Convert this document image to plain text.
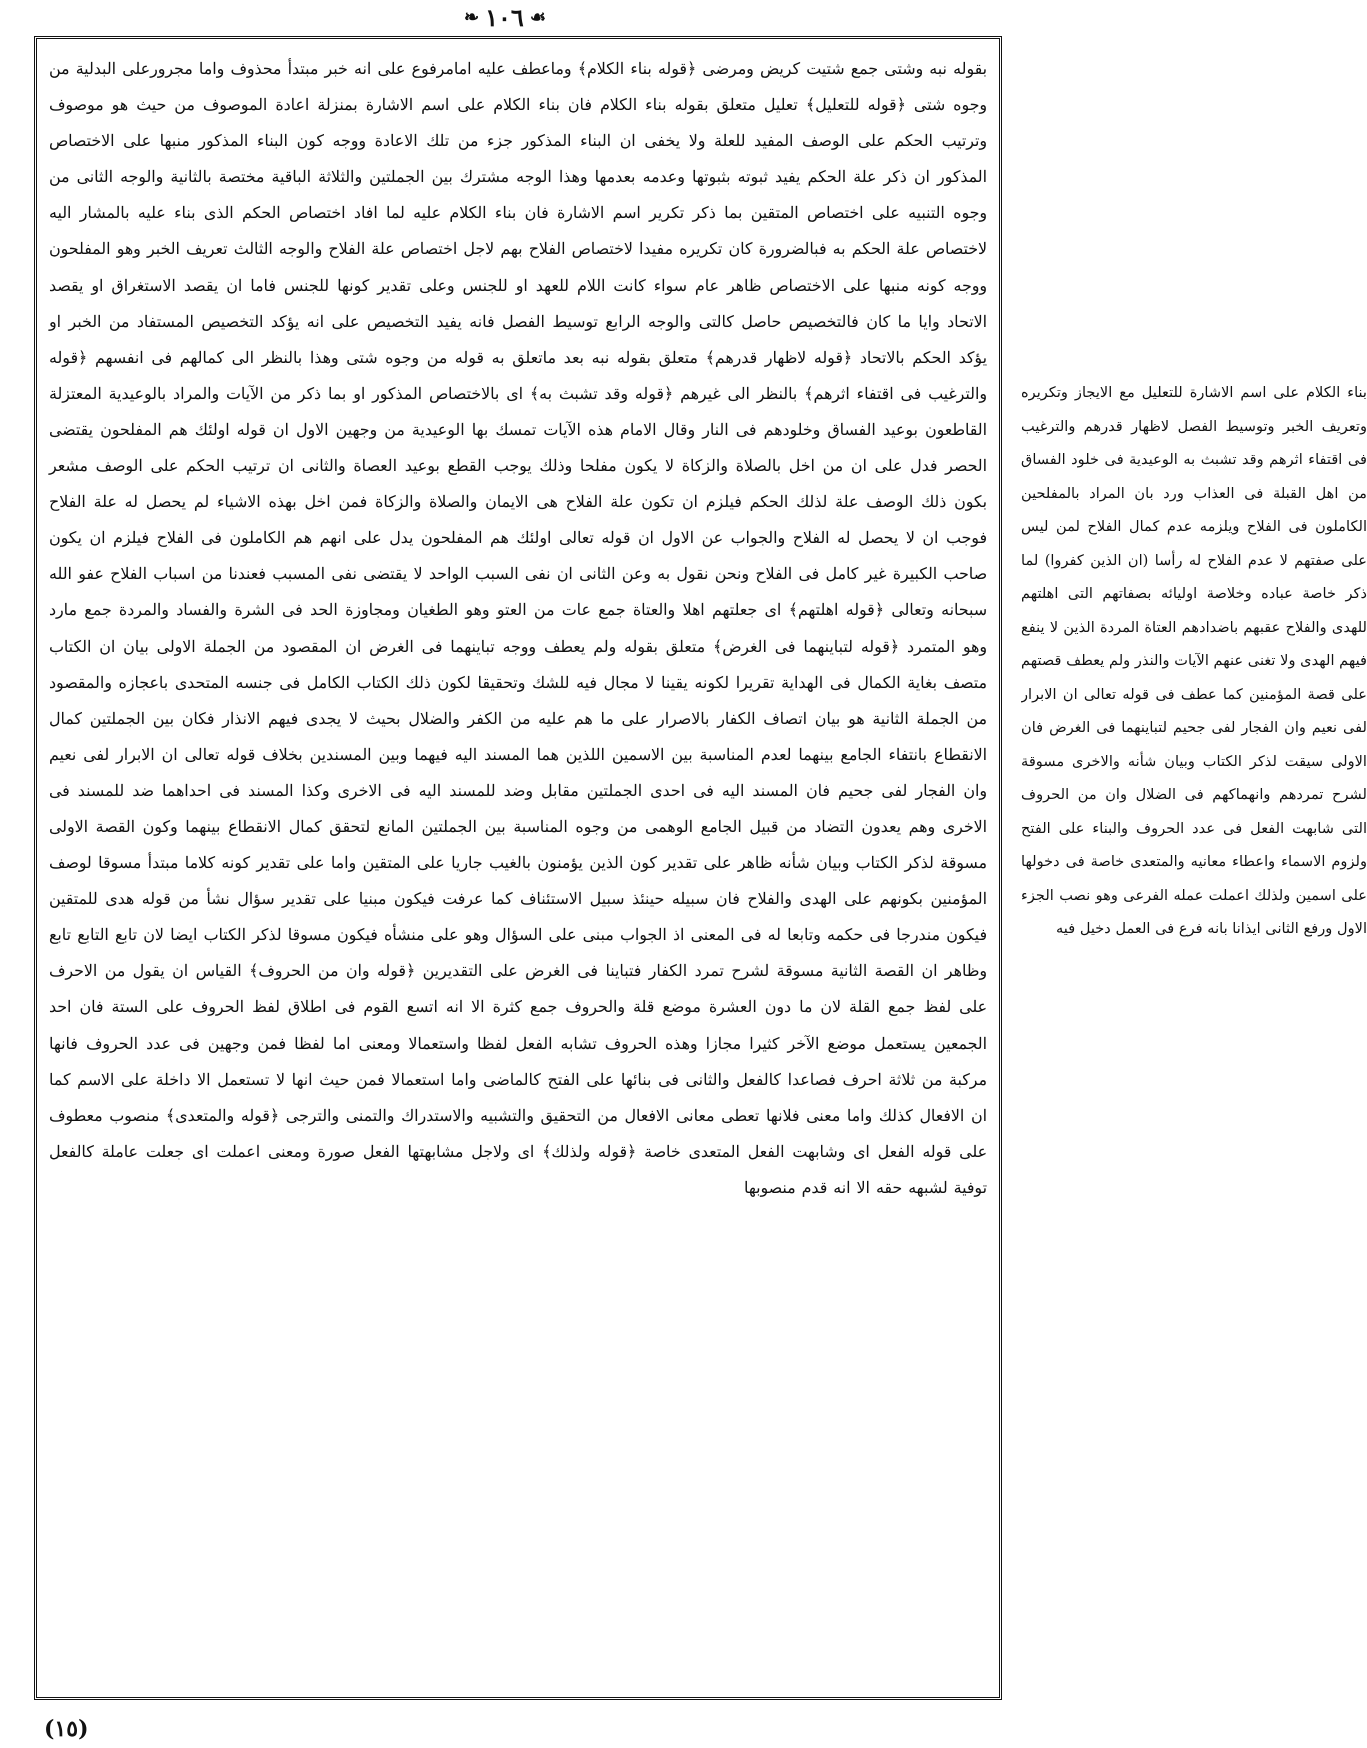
❧ ١٠٦ ☙
بقوله نبه وشتى جمع شتيت كريض ومرضى ﴿قوله بناء الكلام﴾ وماعطف عليه امامرفوع على انه خبر مبتدأ محذوف واما مجرورعلى البدلية من وجوه شتى ﴿قوله للتعليل﴾ تعليل متعلق بقوله بناء الكلام فان بناء الكلام على اسم الاشارة بمنزلة اعادة الموصوف من حيث هو موصوف وترتيب الحكم على الوصف المفيد للعلة ولا يخفى ان البناء المذكور جزء من تلك الاعادة ووجه كون البناء المذكور منبها على الاختصاص المذكور ان ذكر علة الحكم يفيد ثبوته بثبوتها وعدمه بعدمها وهذا الوجه مشترك بين الجملتين والثلاثة الباقية مختصة بالثانية والوجه الثانى من وجوه التنبيه على اختصاص المتقين بما ذكر تكرير اسم الاشارة فان بناء الكلام عليه لما افاد اختصاص الحكم الذى بناء عليه بالمشار اليه لاختصاص علة الحكم به فبالضرورة كان تكريره مفيدا لاختصاص الفلاح بهم لاجل اختصاص علة الفلاح والوجه الثالث تعريف الخبر وهو المفلحون ووجه كونه منبها على الاختصاص ظاهر عام سواء كانت اللام للعهد او للجنس وعلى تقدير كونها للجنس فاما ان يقصد الاستغراق او يقصد الاتحاد وايا ما كان فالتخصيص حاصل كالتى والوجه الرابع توسيط الفصل فانه يفيد التخصيص على انه يؤكد التخصيص المستفاد من الخبر او يؤكد الحكم بالاتحاد ﴿قوله لاظهار قدرهم﴾ متعلق بقوله نبه بعد ماتعلق به قوله من وجوه شتى وهذا بالنظر الى كمالهم فى انفسهم ﴿قوله والترغيب فى اقتفاء اثرهم﴾ بالنظر الى غيرهم ﴿قوله وقد تشبث به﴾ اى بالاختصاص المذكور او بما ذكر من الآيات والمراد بالوعيدية المعتزلة القاطعون بوعيد الفساق وخلودهم فى النار وقال الامام هذه الآيات تمسك بها الوعيدية من وجهين الاول ان قوله اولئك هم المفلحون يقتضى الحصر فدل على ان من اخل بالصلاة والزكاة لا يكون مفلحا وذلك يوجب القطع بوعيد العصاة والثانى ان ترتيب الحكم على الوصف مشعر بكون ذلك الوصف علة لذلك الحكم فيلزم ان تكون علة الفلاح هى الايمان والصلاة والزكاة فمن اخل بهذه الاشياء لم يحصل له علة الفلاح فوجب ان لا يحصل له الفلاح والجواب عن الاول ان قوله تعالى اولئك هم المفلحون يدل على انهم هم الكاملون فى الفلاح فيلزم ان يكون صاحب الكبيرة غير كامل فى الفلاح ونحن نقول به وعن الثانى ان نفى السبب الواحد لا يقتضى نفى المسبب فعندنا من اسباب الفلاح عفو الله سبحانه وتعالى ﴿قوله اهلتهم﴾ اى جعلتهم اهلا والعتاة جمع عات من العتو وهو الطغيان ومجاوزة الحد فى الشرة والفساد والمردة جمع مارد وهو المتمرد ﴿قوله لتباينهما فى الغرض﴾ متعلق بقوله ولم يعطف ووجه تباينهما فى الغرض ان المقصود من الجملة الاولى بيان ان الكتاب متصف بغاية الكمال فى الهداية تقريرا لكونه يقينا لا مجال فيه للشك وتحقيقا لكون ذلك الكتاب الكامل فى جنسه المتحدى باعجازه والمقصود من الجملة الثانية هو بيان اتصاف الكفار بالاصرار على ما هم عليه من الكفر والضلال بحيث لا يجدى فيهم الانذار فكان بين الجملتين كمال الانقطاع بانتفاء الجامع بينهما لعدم المناسبة بين الاسمين اللذين هما المسند اليه فيهما وبين المسندين بخلاف قوله تعالى ان الابرار لفى نعيم وان الفجار لفى جحيم فان المسند اليه فى احدى الجملتين مقابل وضد للمسند اليه فى الاخرى وكذا المسند فى احداهما ضد للمسند فى الاخرى وهم يعدون التضاد من قبيل الجامع الوهمى من وجوه المناسبة بين الجملتين المانع لتحقق كمال الانقطاع بينهما وكون القصة الاولى مسوقة لذكر الكتاب وبيان شأنه ظاهر على تقدير كون الذين يؤمنون بالغيب جاريا على المتقين واما على تقدير كونه كلاما مبتدأ مسوقا لوصف المؤمنين بكونهم على الهدى والفلاح فان سبيله حينئذ سبيل الاستئناف كما عرفت فيكون مبنيا على تقدير سؤال نشأ من قوله هدى للمتقين فيكون مندرجا فى حكمه وتابعا له فى المعنى اذ الجواب مبنى على السؤال وهو على منشأه فيكون مسوقا لذكر الكتاب ايضا لان تابع التابع تابع وظاهر ان القصة الثانية مسوقة لشرح تمرد الكفار فتباينا فى الغرض على التقديرين ﴿قوله وان من الحروف﴾ القياس ان يقول من الاحرف على لفظ جمع القلة لان ما دون العشرة موضع قلة والحروف جمع كثرة الا انه اتسع القوم فى اطلاق لفظ الحروف على الستة فان احد الجمعين يستعمل موضع الآخر كثيرا مجازا وهذه الحروف تشابه الفعل لفظا واستعمالا ومعنى اما لفظا فمن وجهين فى عدد الحروف فانها مركبة من ثلاثة احرف فصاعدا كالفعل والثانى فى بنائها على الفتح كالماضى واما استعمالا فمن حيث انها لا تستعمل الا داخلة على الاسم كما ان الافعال كذلك واما معنى فلانها تعطى معانى الافعال من التحقيق والتشبيه والاستدراك والتمنى والترجى ﴿قوله والمتعدى﴾ منصوب معطوف على قوله الفعل اى وشابهت الفعل المتعدى خاصة ﴿قوله ولذلك﴾ اى ولاجل مشابهتها الفعل صورة ومعنى اعملت اى جعلت عاملة كالفعل توفية لشبهه حقه الا انه قدم منصوبها
بناء الكلام على اسم الاشارة للتعليل مع الايجاز وتكريره وتعريف الخبر وتوسيط الفصل لاظهار قدرهم والترغيب فى اقتفاء اثرهم وقد تشبث به الوعيدية فى خلود الفساق من اهل القبلة فى العذاب ورد بان المراد بالمفلحين الكاملون فى الفلاح ويلزمه عدم كمال الفلاح لمن ليس على صفتهم لا عدم الفلاح له رأسا (ان الذين كفروا) لما ذكر خاصة عباده وخلاصة اوليائه بصفاتهم التى اهلتهم للهدى والفلاح عقبهم باضدادهم العتاة المردة الذين لا ينفع فيهم الهدى ولا تغنى عنهم الآيات والنذر ولم يعطف قصتهم على قصة المؤمنين كما عطف فى قوله تعالى ان الابرار لفى نعيم وان الفجار لفى جحيم لتباينهما فى الغرض فان الاولى سيقت لذكر الكتاب وبيان شأنه والاخرى مسوقة لشرح تمردهم وانهماكهم فى الضلال وان من الحروف التى شابهت الفعل فى عدد الحروف والبناء على الفتح ولزوم الاسماء واعطاء معانيه والمتعدى خاصة فى دخولها على اسمين ولذلك اعملت عمله الفرعى وهو نصب الجزء الاول ورفع الثانى ايذانا بانه فرع فى العمل دخيل فيه
(١٥)
